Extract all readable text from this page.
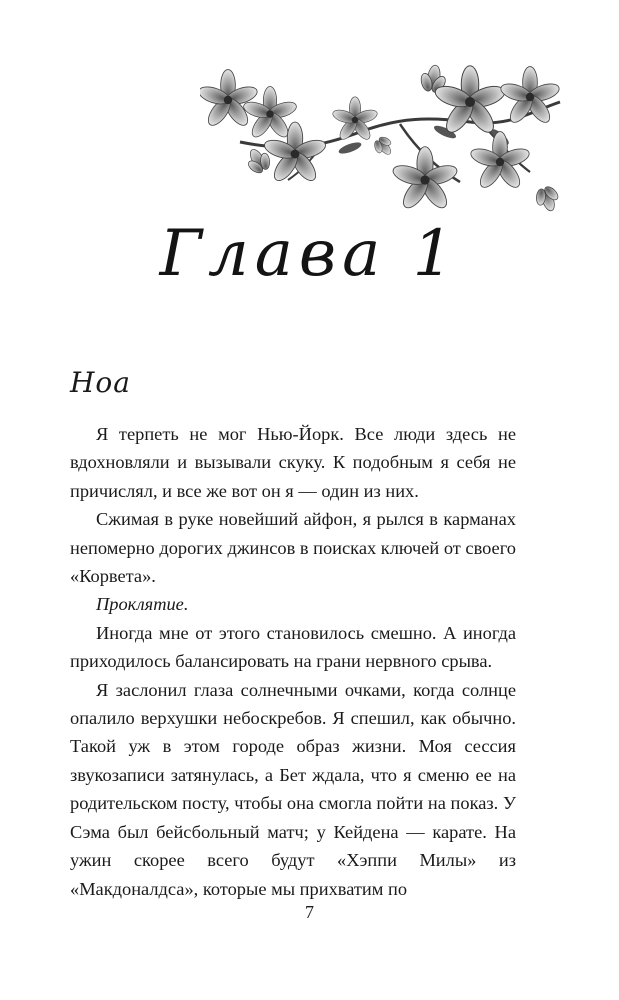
Глава 1
Ноа

Я терпеть не мог Нью-Йорк. Все люди здесь не вдохновляли и вызывали скуку. К подобным я себя не причислял, и все же вот он я — один из них.

Сжимая в руке новейший айфон, я рылся в карманах непомерно дорогих джинсов в поисках ключей от своего «Корвета».

Проклятие.

Иногда мне от этого становилось смешно. А иногда приходилось балансировать на грани нервного срыва.

Я заслонил глаза солнечными очками, когда солнце опалило верхушки небоскребов. Я спешил, как обычно. Такой уж в этом городе образ жизни. Моя сессия звукозаписи затянулась, а Бет ждала, что я сменю ее на родительском посту, чтобы она смогла пойти на показ. У Сэма был бейсбольный матч; у Кейдена — карате. На ужин скорее всего будут «Хэппи Милы» из «Макдоналдса», которые мы прихватим по

7
